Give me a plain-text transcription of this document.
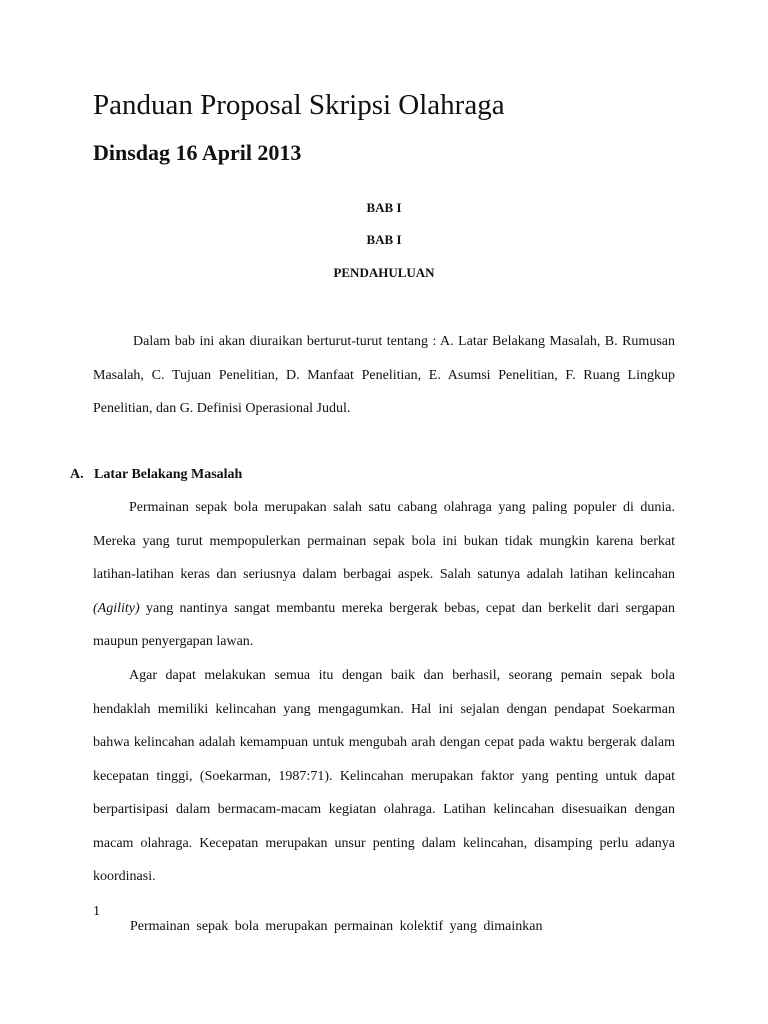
Panduan Proposal Skripsi Olahraga
Dinsdag 16 April 2013
BAB I
BAB I
PENDAHULUAN

Dalam bab ini akan diuraikan berturut-turut tentang : A. Latar Belakang Masalah, B. Rumusan Masalah, C. Tujuan Penelitian, D. Manfaat Penelitian, E. Asumsi Penelitian, F. Ruang Lingkup Penelitian, dan G. Definisi Operasional Judul.

A. Latar Belakang Masalah

Permainan sepak bola merupakan salah satu cabang olahraga yang paling populer di dunia. Mereka yang turut mempopulerkan permainan sepak bola ini bukan tidak mungkin karena berkat latihan-latihan keras dan seriusnya dalam berbagai aspek. Salah satunya adalah latihan kelincahan (Agility) yang nantinya sangat membantu mereka bergerak bebas, cepat dan berkelit dari sergapan maupun penyergapan lawan.

Agar dapat melakukan semua itu dengan baik dan berhasil, seorang pemain sepak bola hendaklah memiliki kelincahan yang mengagumkan. Hal ini sejalan dengan pendapat Soekarman bahwa kelincahan adalah kemampuan untuk mengubah arah dengan cepat pada waktu bergerak dalam kecepatan tinggi, (Soekarman, 1987:71). Kelincahan merupakan faktor yang penting untuk dapat berpartisipasi dalam bermacam-macam kegiatan olahraga. Latihan kelincahan disesuaikan dengan macam olahraga. Kecepatan merupakan unsur penting dalam kelincahan, disamping perlu adanya koordinasi.

1
Permainan sepak bola merupakan permainan kolektif yang dimainkan
